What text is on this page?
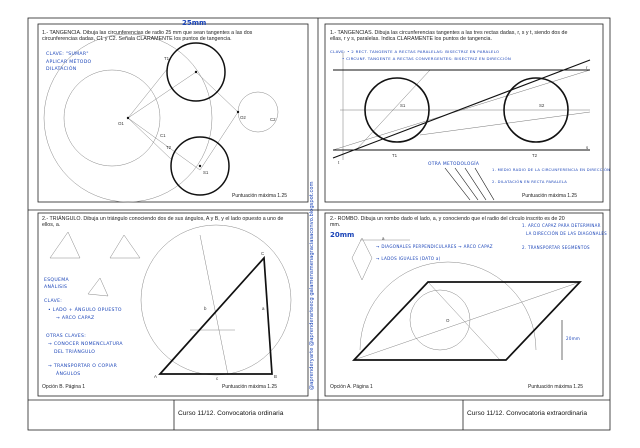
1.- TANGENCIA. Dibuja las circunferencias de radio 25 mm que sean tangentes a las dos circunferencias dadas, C1 y C2. Señala CLARAMENTE los puntos de tangencia.
25mm
CLAVE: "SUMAR"
APLICAR MÉTODO
DILATACIÓN
O1
O2
C1
C2
T1
T2
S1
Puntuación máxima 1.25
1.- TANGENCIAS. Dibuja las circunferencias tangentes a las tres rectas dadas, r, s y t, siendo dos de ellas, r y s, paralelas. Indica CLARAMENTE los puntos de tangencia.
CLAVE: • 2 RECT. TANGENTE A RECTAS PARALELAS: BISECTRIZ EN PARALELO
• CIRCUNF. TANGENTE A RECTAS CONVERGENTES: BISECTRIZ EN DIRECCIÓN
OTRA METODOLOGÍA
1. MEDIO RADIO DE LA CIRCUNFERENCIA EN DIRECCIÓN
2. DILATACIÓN EN RECTA PARALELA
r
s
t
T1	T2
S1	S2
Puntuación máxima 1.25
2.- TRIÁNGULO. Dibuja un triángulo conociendo dos de sus ángulos, A y B, y el lado opuesto a uno de ellos, a.
ESQUEMA
ANÁLISIS
CLAVE:
• LADO + ÁNGULO OPUESTO
→ ARCO CAPAZ
OTRAS CLAVES:
→ CONOCER NOMENCLATURA
DEL TRIÁNGULO
→ TRANSPORTAR O COPIAR
ÁNGULOS	A	B
C
a
b
c
Opción B. Página 1	Puntuación máxima 1.25
2.- ROMBO. Dibuja un rombo dado el lado, a, y conociendo que el radio del círculo inscrito es de 20 mm.
20mm
→ DIAGONALES PERPENDICULARES → ARCO CAPAZ
→ LADOS IGUALES (DATO a)
1. ARCO CAPAZ PARA DETERMINAR
LA DIRECCIÓN DE LAS DIAGONALES
2. TRANSPORTAR SEGMENTOS
O
a
20mm
Opción A. Página 1	Puntuación máxima 1.25
@aprenderyarte @aprenderarteecg galamensmenagraciasaconvo.blogspot.com
Curso 11/12. Convocatoria ordinaria	Curso 11/12. Convocatoria extraordinaria
